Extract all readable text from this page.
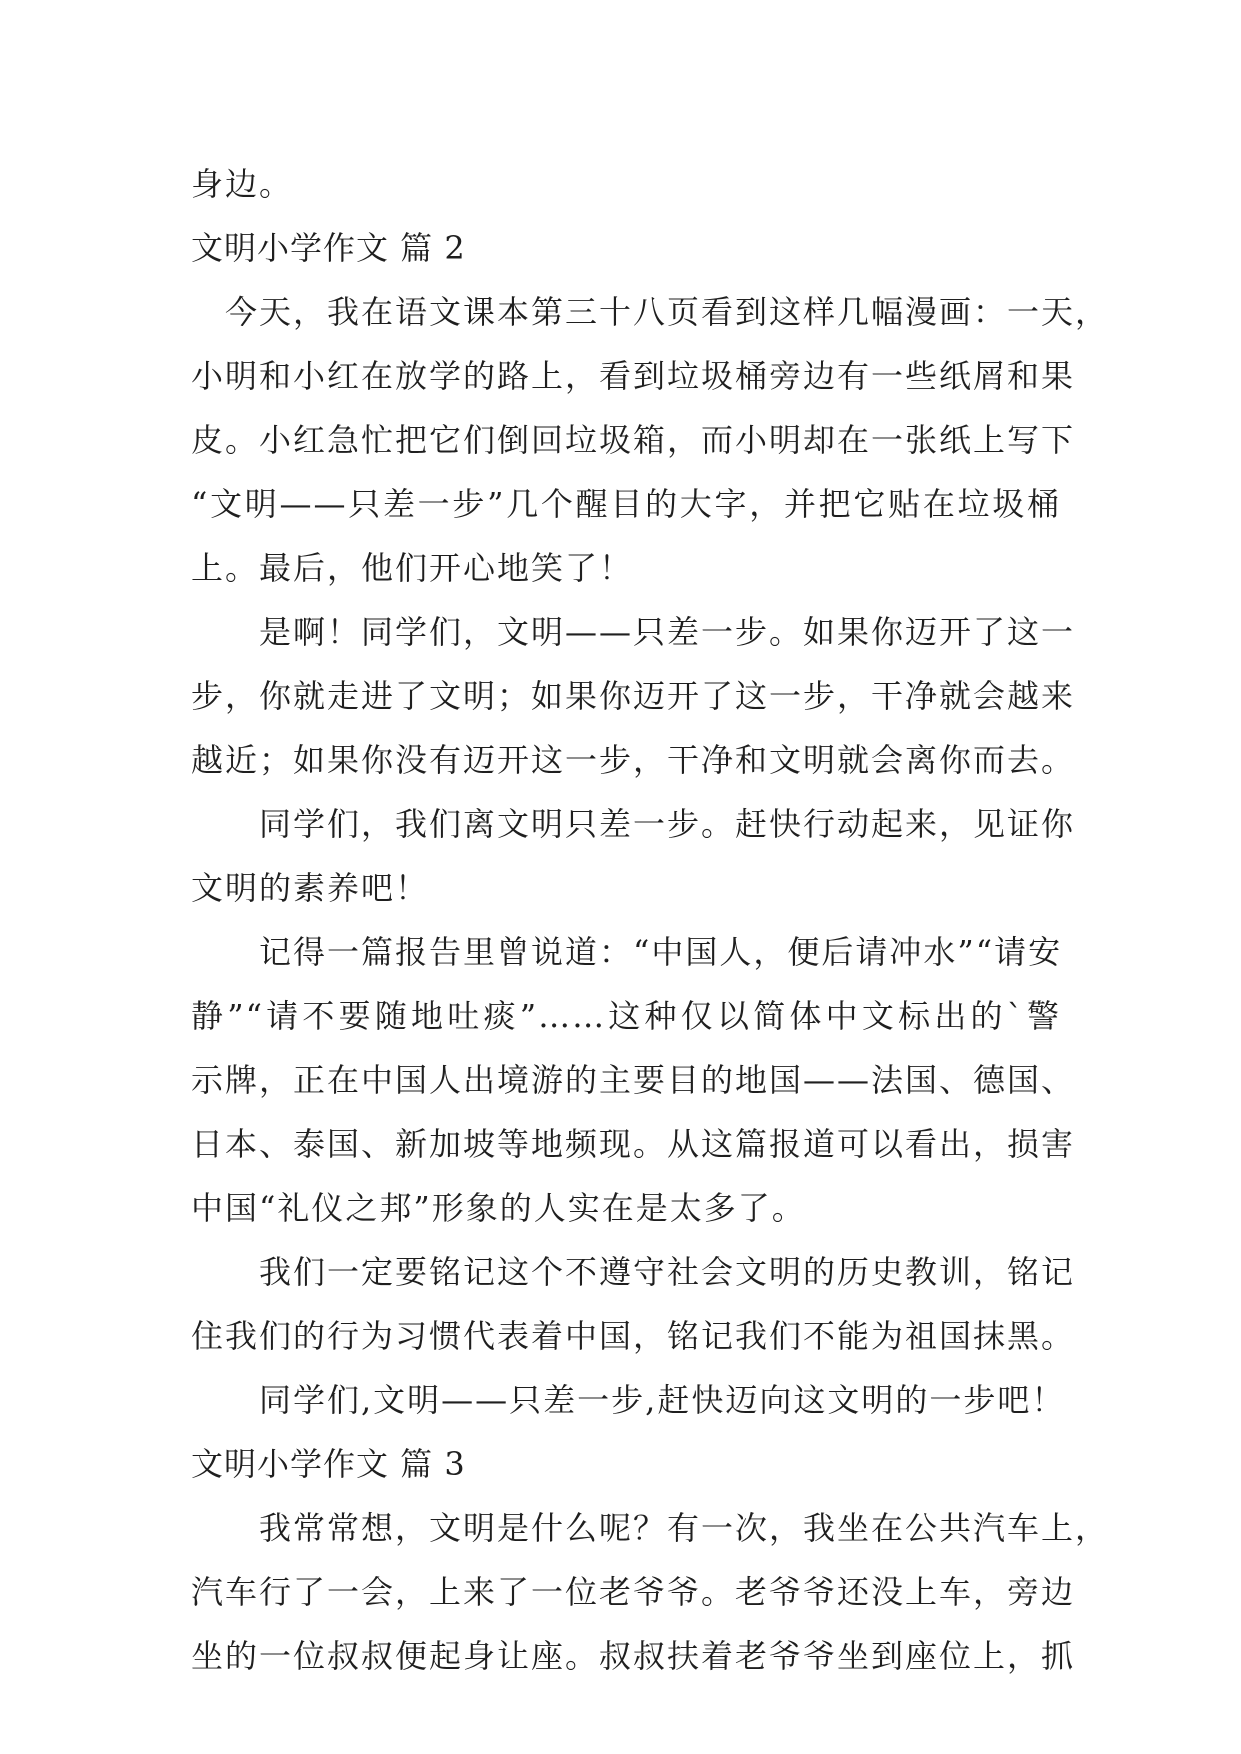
身边。
文明小学作文 篇 2
　今天，我在语文课本第三十八页看到这样几幅漫画：一天，
小明和小红在放学的路上，看到垃圾桶旁边有一些纸屑和果
皮。小红急忙把它们倒回垃圾箱，而小明却在一张纸上写下
“文明——只差一步”几个醒目的大字，并把它贴在垃圾桶
上。最后，他们开心地笑了！
　　是啊！同学们，文明——只差一步。如果你迈开了这一
步，你就走进了文明；如果你迈开了这一步，干净就会越来
越近；如果你没有迈开这一步，干净和文明就会离你而去。
　　同学们，我们离文明只差一步。赶快行动起来，见证你
文明的素养吧！
　　记得一篇报告里曾说道：“中国人，便后请冲水”“请安
静”“请不要随地吐痰”……这种仅以简体中文标出的`警
示牌，正在中国人出境游的主要目的地国——法国、德国、
日本、泰国、新加坡等地频现。从这篇报道可以看出，损害
中国“礼仪之邦”形象的人实在是太多了。
　　我们一定要铭记这个不遵守社会文明的历史教训，铭记
住我们的行为习惯代表着中国，铭记我们不能为祖国抹黑。
　　同学们,文明——只差一步,赶快迈向这文明的一步吧！
文明小学作文 篇 3
　　我常常想，文明是什么呢？有一次，我坐在公共汽车上，
汽车行了一会，上来了一位老爷爷。老爷爷还没上车，旁边
坐的一位叔叔便起身让座。叔叔扶着老爷爷坐到座位上，抓
